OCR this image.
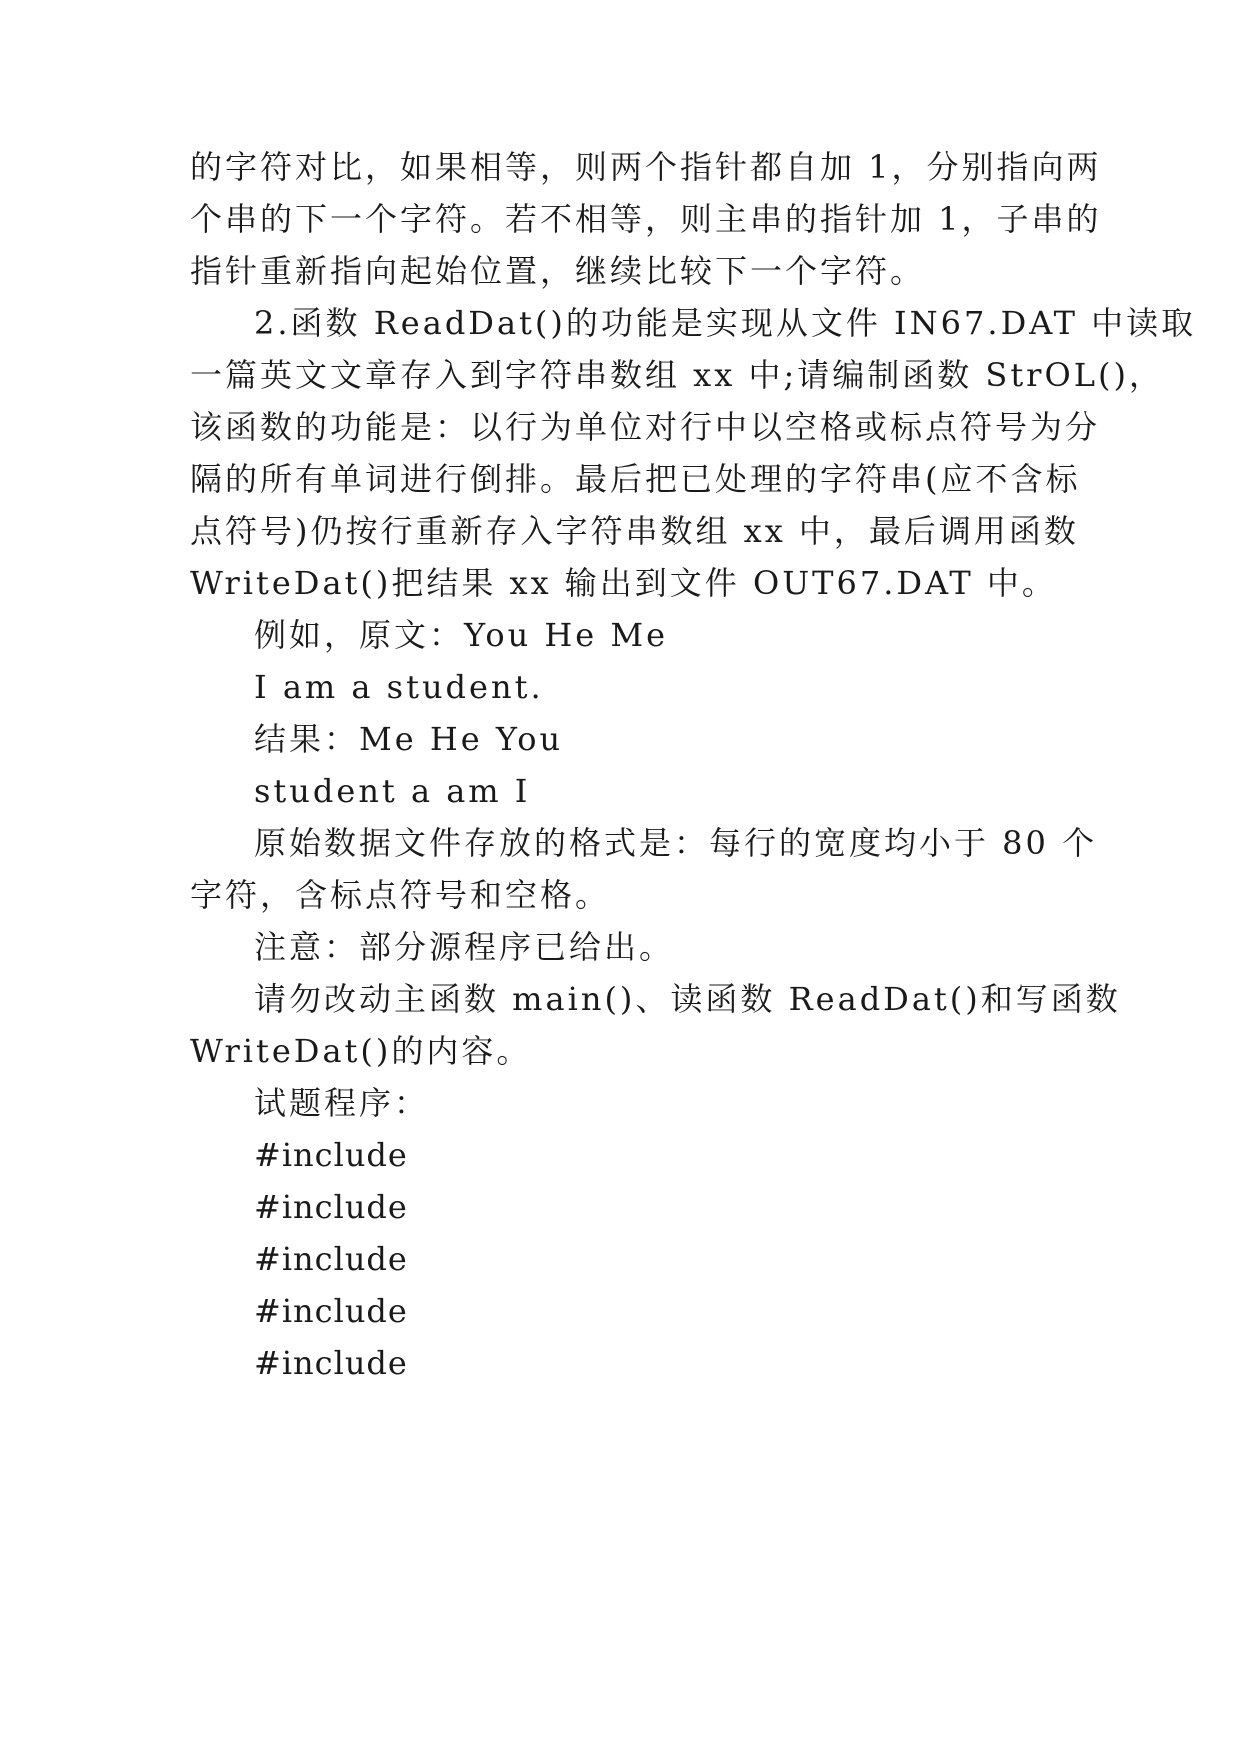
的字符对比，如果相等，则两个指针都自加 1，分别指向两

个串的下一个字符。若不相等，则主串的指针加 1，子串的

指针重新指向起始位置，继续比较下一个字符。

2.函数 ReadDat()的功能是实现从文件 IN67.DAT 中读取

一篇英文文章存入到字符串数组 xx 中;请编制函数 StrOL()，

该函数的功能是：以行为单位对行中以空格或标点符号为分

隔的所有单词进行倒排。最后把已处理的字符串(应不含标

点符号)仍按行重新存入字符串数组 xx 中，最后调用函数

WriteDat()把结果 xx 输出到文件 OUT67.DAT 中。

例如，原文：You He Me

I am a student.

结果：Me He You

student a am I

原始数据文件存放的格式是：每行的宽度均小于 80 个

字符，含标点符号和空格。

注意：部分源程序已给出。

请勿改动主函数 main()、读函数 ReadDat()和写函数

WriteDat()的内容。

试题程序：

#include

#include

#include

#include

#include
